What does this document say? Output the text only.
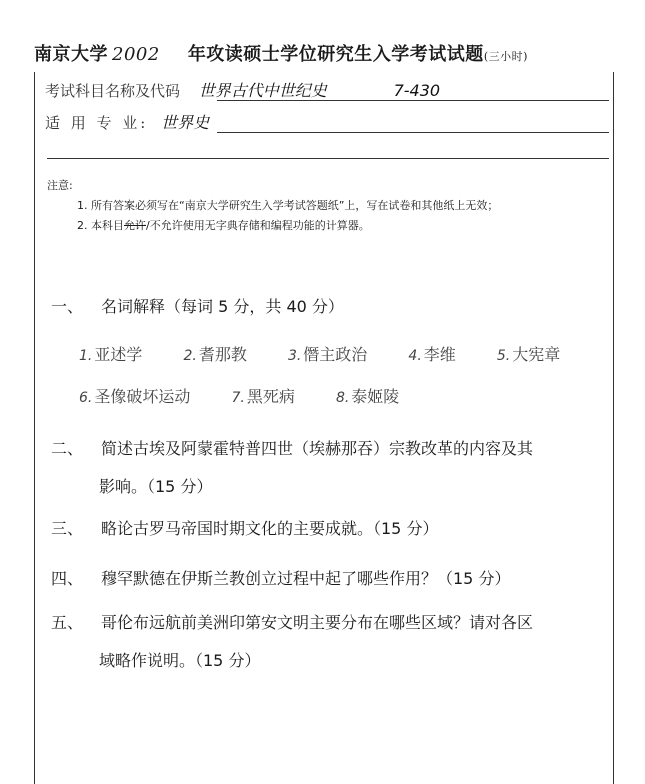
南京大学 2002 年攻读硕士学位研究生入学考试试题(三小时)
考试科目名称及代码 世界古代中世纪史	7-430
适 用 专 业: 世界史
注意:
1. 所有答案必须写在“南京大学研究生入学考试答题纸”上，写在试卷和其他纸上无效；
2. 本科目允许/不允许使用无字典存储和编程功能的计算器。
一、 名词解释（每词 5 分，共 40 分）
1. 亚述学	2. 耆那教	3. 僭主政治	4. 李维	5. 大宪章
6. 圣像破坏运动	7. 黑死病	8. 泰姬陵
二、 简述古埃及阿蒙霍特普四世（埃赫那吞）宗教改革的内容及其
影响。（15 分）
三、 略论古罗马帝国时期文化的主要成就。（15 分）
四、 穆罕默德在伊斯兰教创立过程中起了哪些作用？（15 分）
五、 哥伦布远航前美洲印第安文明主要分布在哪些区域？请对各区
域略作说明。（15 分）
